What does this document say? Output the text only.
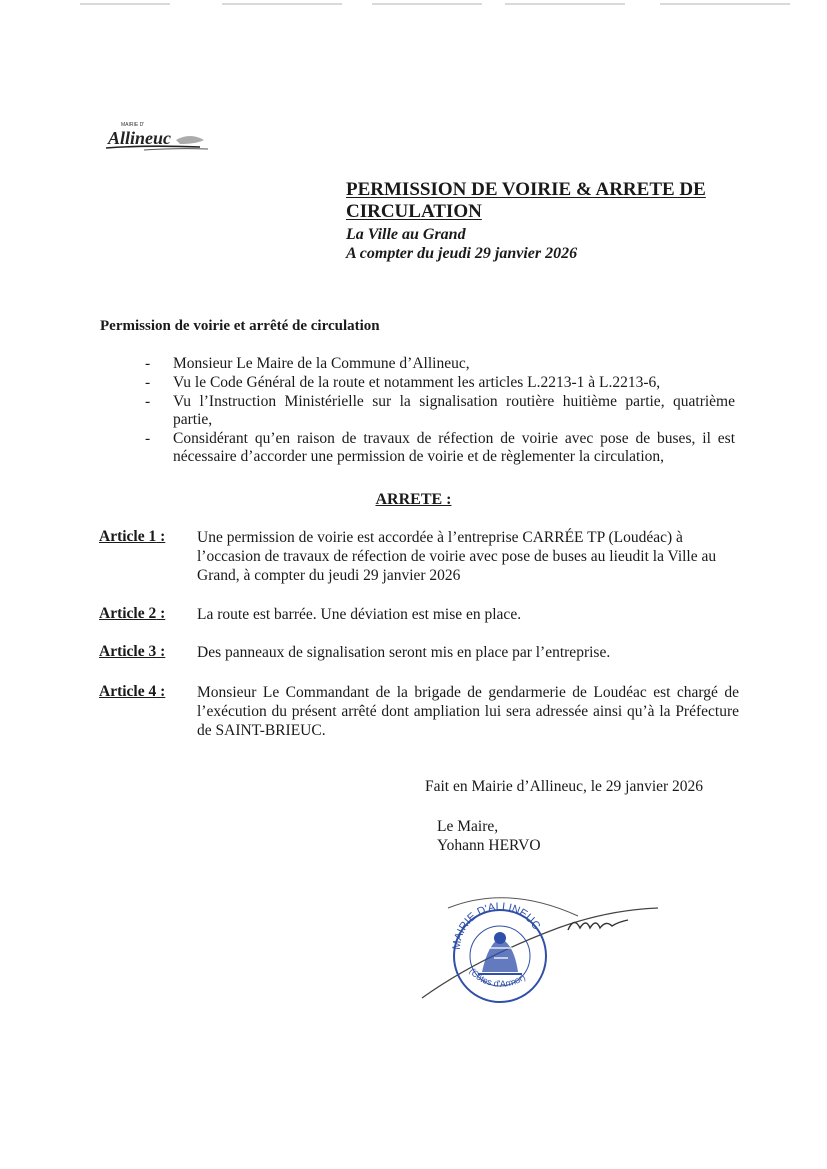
MAIRIE D'
Allineuc

PERMISSION DE VOIRIE & ARRETE DE CIRCULATION

La Ville au Grand

A compter du jeudi 29 janvier 2026

Permission de voirie et arrêté de circulation

- Monsieur Le Maire de la Commune d’Allineuc,
- Vu le Code Général de la route et notamment les articles L.2213-1 à L.2213-6,
- Vu l’Instruction Ministérielle sur la signalisation routière huitième partie, quatrième partie,
- Considérant qu’en raison de travaux de réfection de voirie avec pose de buses, il est nécessaire d’accorder une permission de voirie et de règlementer la circulation,

ARRETE :

Article 1 : Une permission de voirie est accordée à l’entreprise CARRÉE TP (Loudéac) à l’occasion de travaux de réfection de voirie avec pose de buses au lieudit la Ville au Grand, à compter du jeudi 29 janvier 2026
Article 2 : La route est barrée. Une déviation est mise en place.
Article 3 : Des panneaux de signalisation seront mis en place par l’entreprise.
Article 4 : Monsieur Le Commandant de la brigade de gendarmerie de Loudéac est chargé de l’exécution du présent arrêté dont ampliation lui sera adressée ainsi qu’à la Préfecture de SAINT-BRIEUC.
Fait en Mairie d’Allineuc, le 29 janvier 2026
Le Maire,
Yohann HERVO
MAIRIE D'ALLINEUC
(Côtes d'Armor)
